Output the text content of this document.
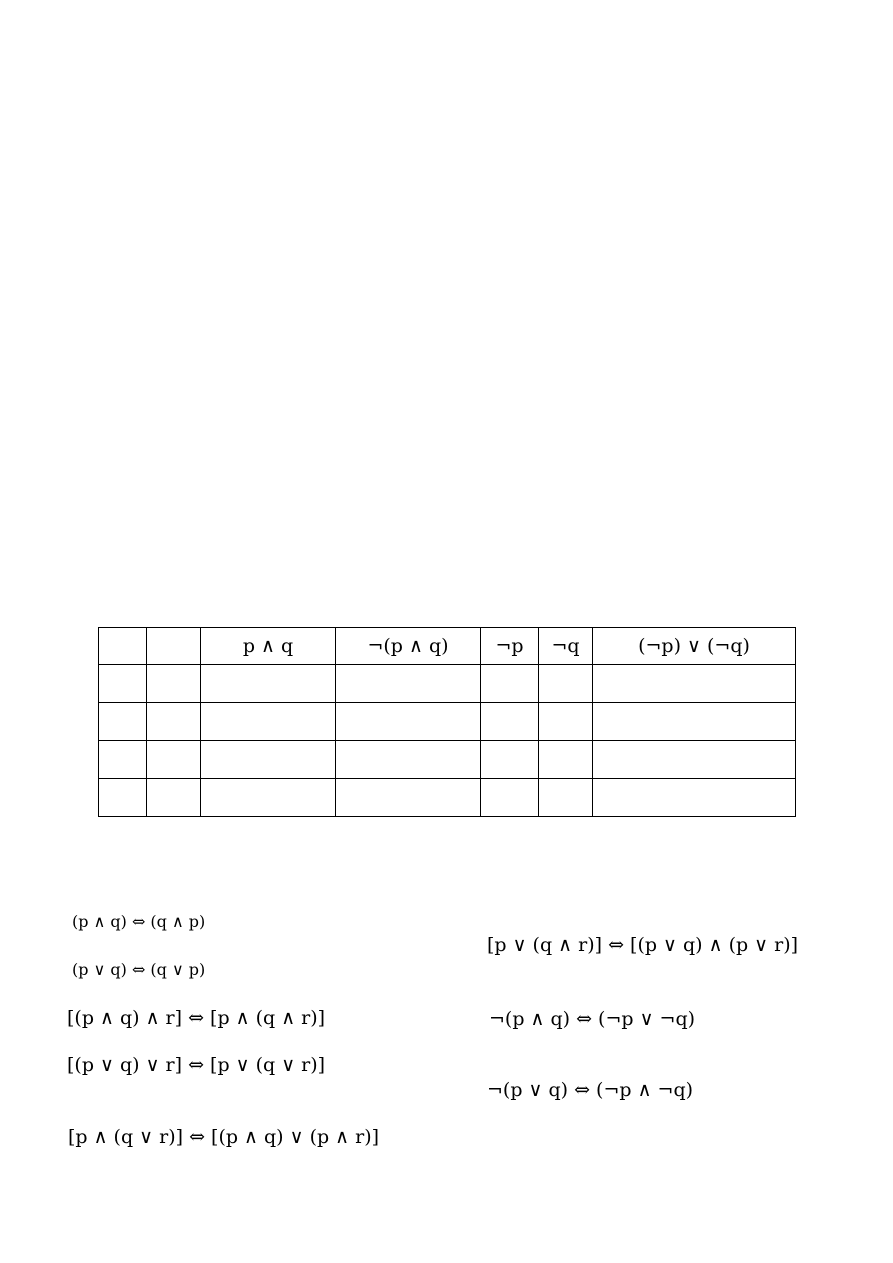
		p ∧ q	¬(p ∧ q)	¬p	¬q	(¬p) ∨ (¬q)

(p ∧ q) ⇔ (q ∧ p)
(p ∨ q) ⇔ (q ∨ p)
[(p ∧ q) ∧ r] ⇔ [p ∧ (q ∧ r)]
[(p ∨ q) ∨ r] ⇔ [p ∨ (q ∨ r)]
[p ∧ (q ∨ r)] ⇔ [(p ∧ q) ∨ (p ∧ r)]
[p ∨ (q ∧ r)] ⇔ [(p ∨ q) ∧ (p ∨ r)]
¬(p ∧ q) ⇔ (¬p ∨ ¬q)
¬(p ∨ q) ⇔ (¬p ∧ ¬q)
